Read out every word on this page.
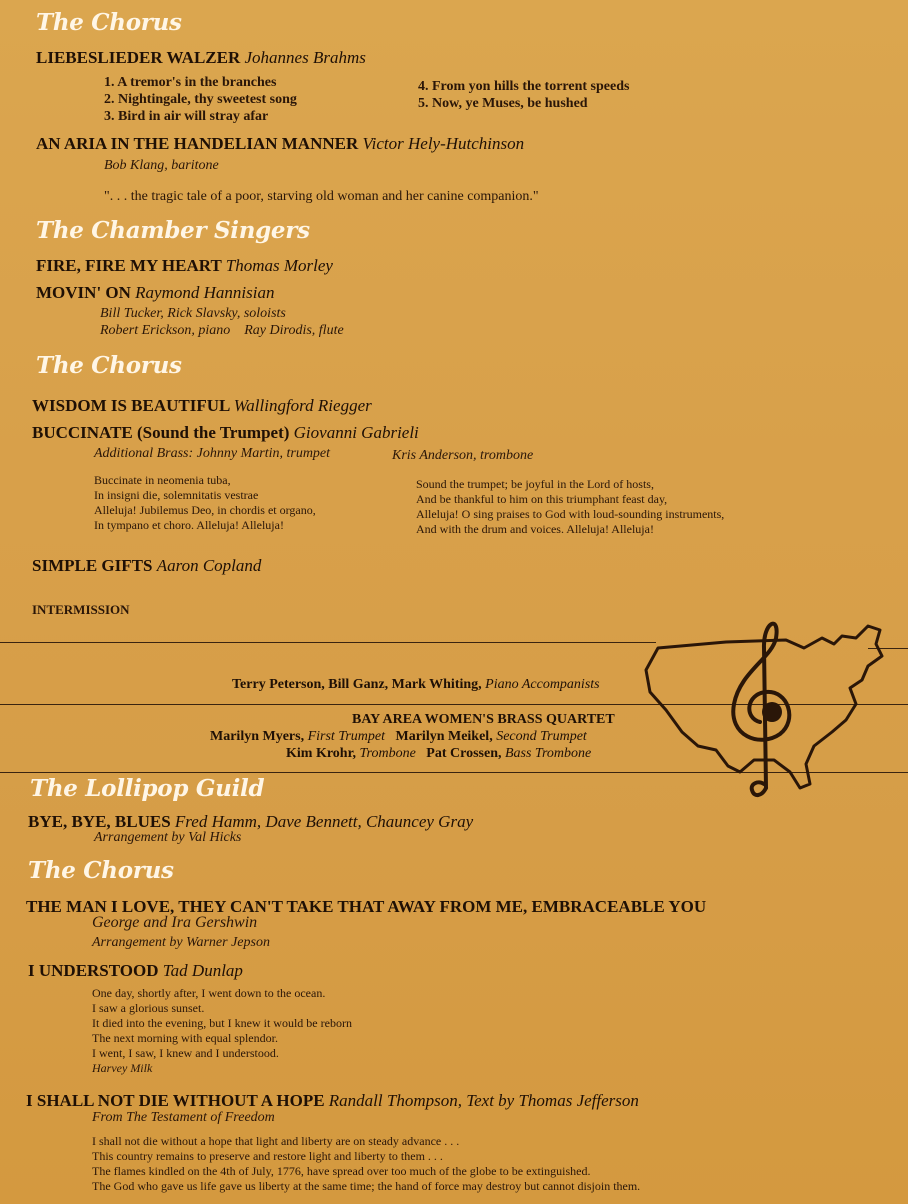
The Chorus
LIEBESLIEDER WALZER Johannes Brahms
1. A tremor's in the branches
2. Nightingale, thy sweetest song
3. Bird in air will stray afar
4. From yon hills the torrent speeds
5. Now, ye Muses, be hushed
AN ARIA IN THE HANDELIAN MANNER Victor Hely-Hutchinson
Bob Klang, baritone
". . . the tragic tale of a poor, starving old woman and her canine companion."
The Chamber Singers
FIRE, FIRE MY HEART Thomas Morley
MOVIN' ON Raymond Hannisian
Bill Tucker, Rick Slavsky, soloists
Robert Erickson, piano    Ray Dirodis, flute
The Chorus
WISDOM IS BEAUTIFUL Wallingford Riegger
BUCCINATE (Sound the Trumpet) Giovanni Gabrieli
Additional Brass: Johnny Martin, trumpet	Kris Anderson, trombone
Buccinate in neomenia tuba,
In insigni die, solemnitatis vestrae
Alleluja! Jubilemus Deo, in chordis et organo,
In tympano et choro. Alleluja! Alleluja!
Sound the trumpet; be joyful in the Lord of hosts,
And be thankful to him on this triumphant feast day,
Alleluja! O sing praises to God with loud-sounding instruments,
And with the drum and voices. Alleluja! Alleluja!
SIMPLE GIFTS Aaron Copland
INTERMISSION
Terry Peterson, Bill Ganz, Mark Whiting, Piano Accompanists
BAY AREA WOMEN'S BRASS QUARTET
Marilyn Myers, First Trumpet Marilyn Meikel, Second Trumpet
Kim Krohr, Trombone Pat Crossen, Bass Trombone
The Lollipop Guild
BYE, BYE, BLUES Fred Hamm, Dave Bennett, Chauncey Gray
Arrangement by Val Hicks
The Chorus
THE MAN I LOVE, THEY CAN'T TAKE THAT AWAY FROM ME, EMBRACEABLE YOU
George and Ira Gershwin
Arrangement by Warner Jepson
I UNDERSTOOD Tad Dunlap
One day, shortly after, I went down to the ocean.
I saw a glorious sunset.
It died into the evening, but I knew it would be reborn
The next morning with equal splendor.
I went, I saw, I knew and I understood.
Harvey Milk
I SHALL NOT DIE WITHOUT A HOPE Randall Thompson, Text by Thomas Jefferson
From The Testament of Freedom
I shall not die without a hope that light and liberty are on steady advance . . .
This country remains to preserve and restore light and liberty to them . . .
The flames kindled on the 4th of July, 1776, have spread over too much of the globe to be extinguished.
The God who gave us life gave us liberty at the same time; the hand of force may destroy but cannot disjoin them.
